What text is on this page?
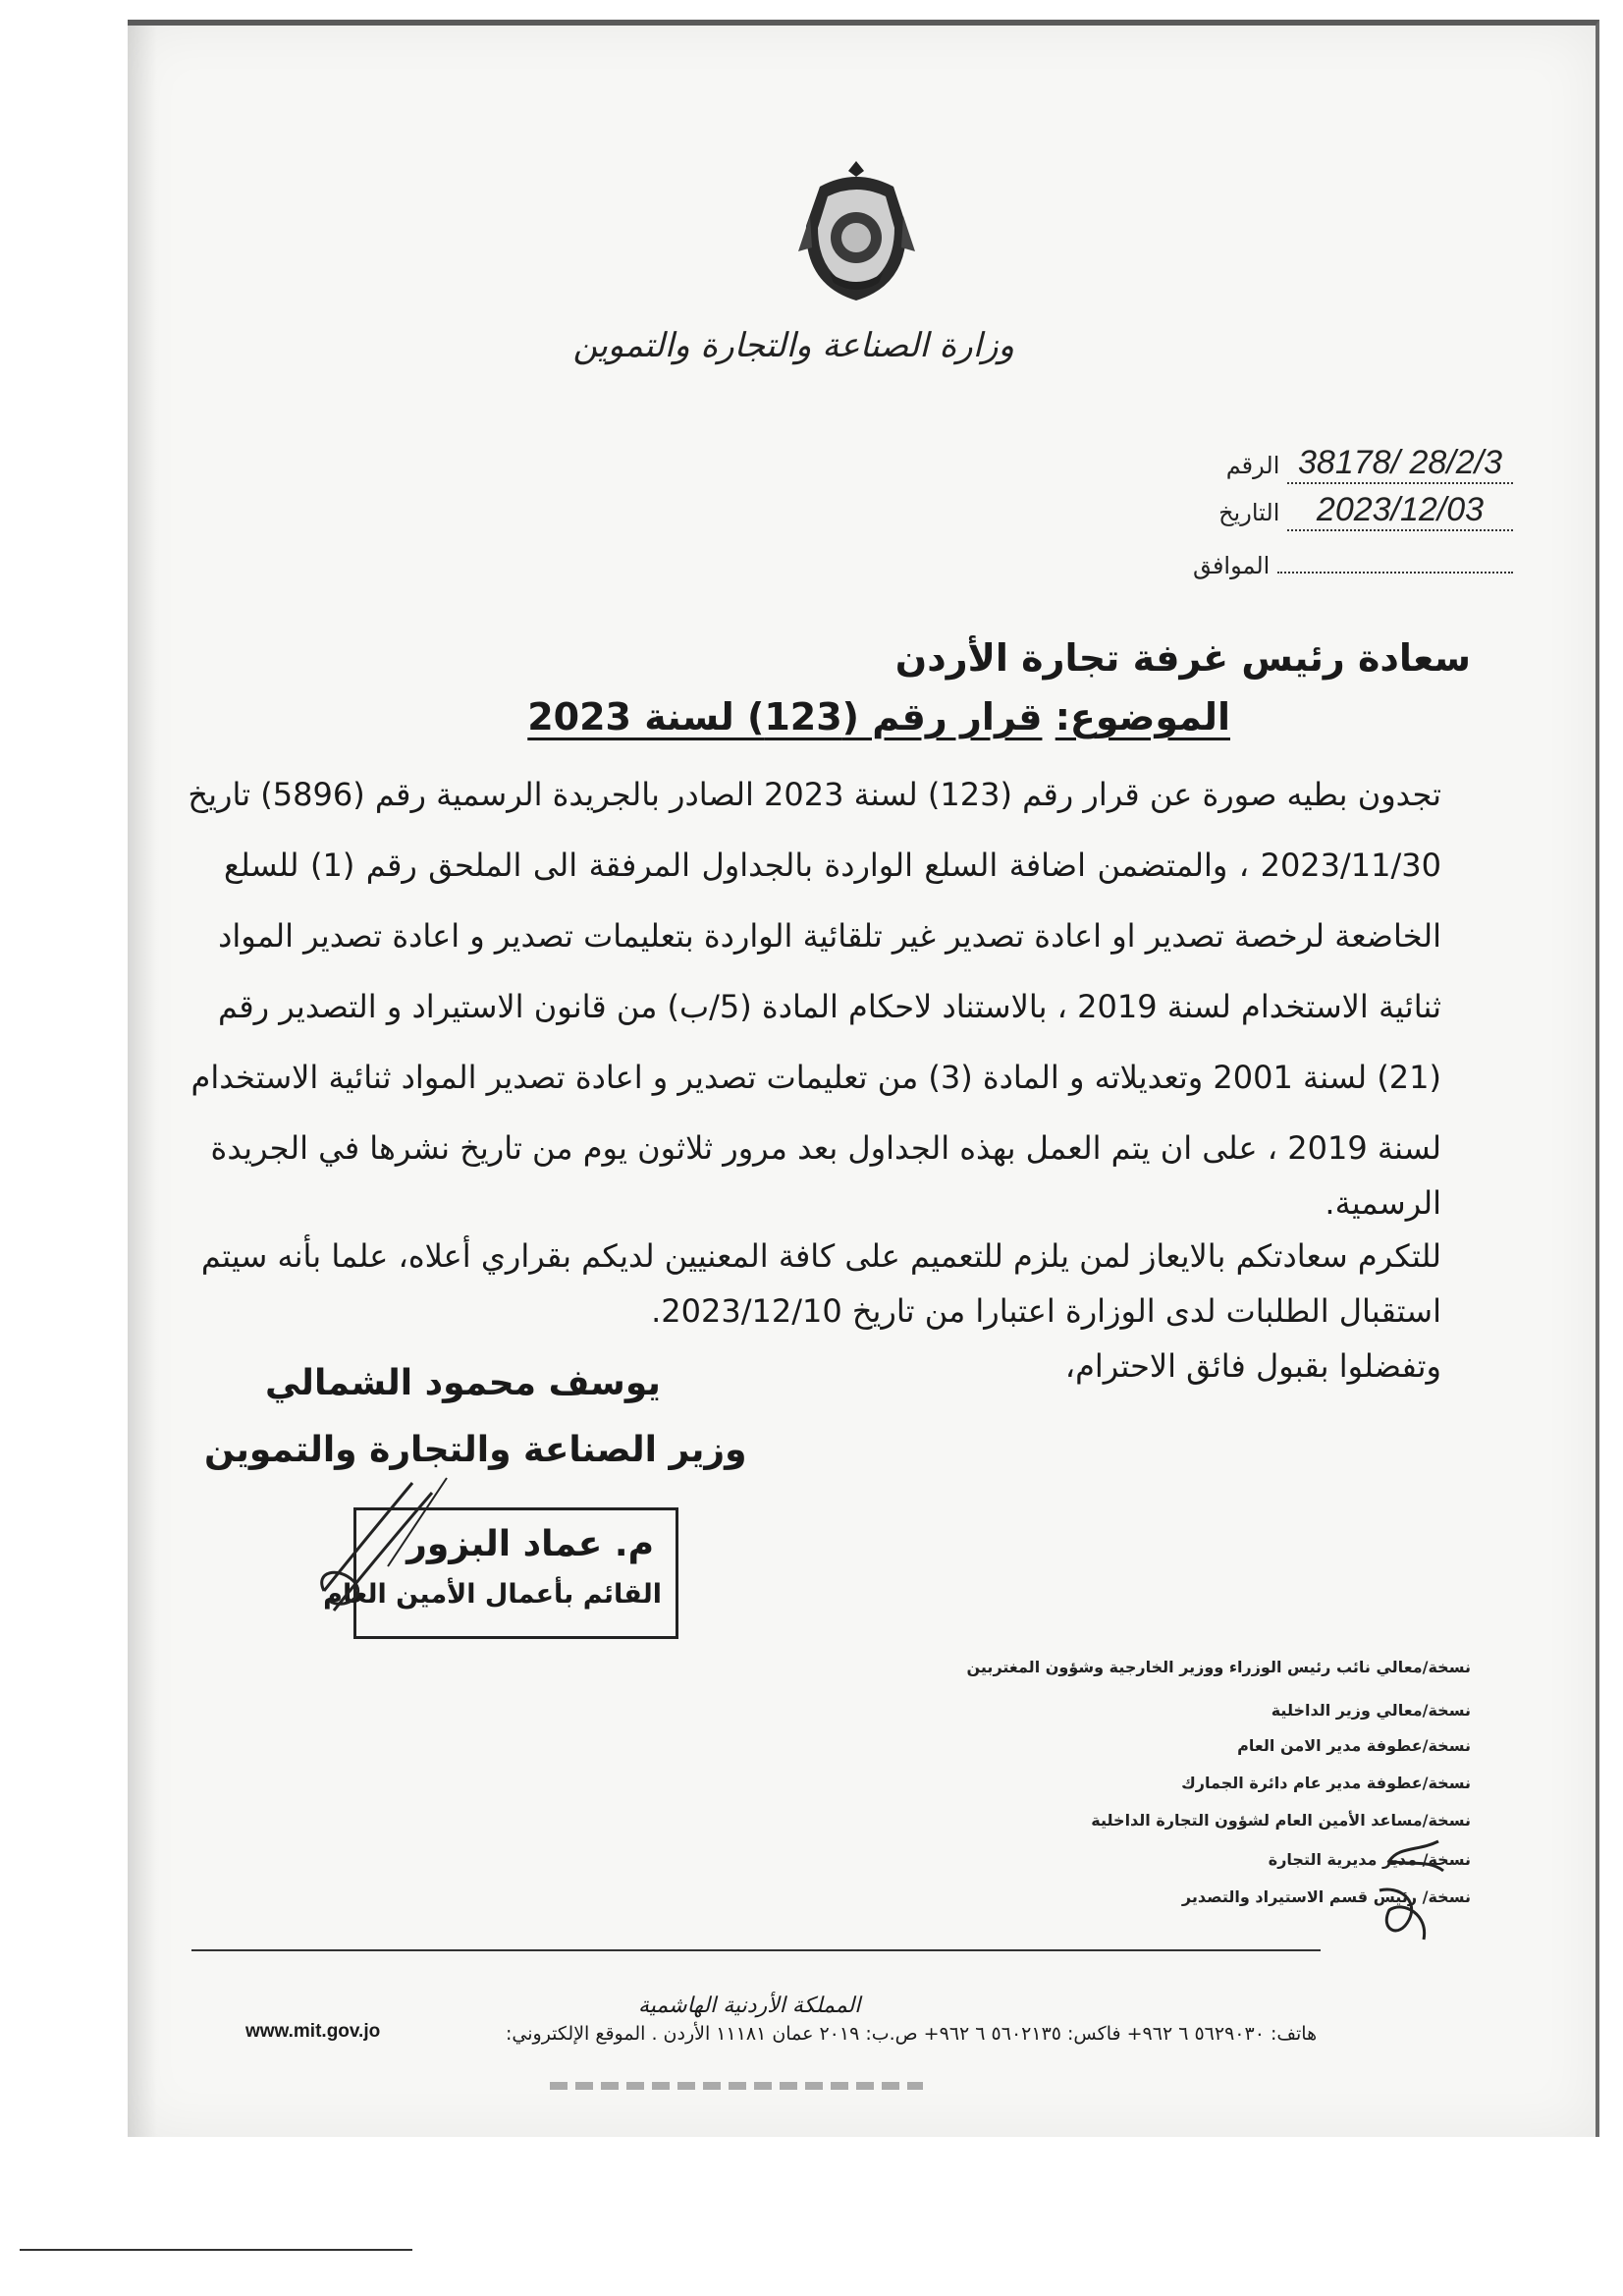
وزارة الصناعة والتجارة والتموين
38178/ 28/2/3 الرقم
2023/12/03 التاريخ
الموافق
سعادة رئيس غرفة تجارة الأردن
الموضوع: قرار رقم (123) لسنة 2023
تجدون بطيه صورة عن قرار رقم (123) لسنة 2023 الصادر بالجريدة الرسمية رقم (5896) تاريخ
2023/11/30 ، والمتضمن اضافة السلع الواردة بالجداول المرفقة الى الملحق رقم (1) للسلع
الخاضعة لرخصة تصدير او اعادة تصدير غير تلقائية الواردة بتعليمات تصدير و اعادة تصدير المواد
ثنائية الاستخدام لسنة 2019 ، بالاستناد لاحكام المادة (5/ب) من قانون الاستيراد و التصدير رقم
(21) لسنة 2001 وتعديلاته و المادة (3) من تعليمات تصدير و اعادة تصدير المواد ثنائية الاستخدام
لسنة 2019 ، على ان يتم العمل بهذه الجداول بعد مرور ثلاثون يوم من تاريخ نشرها في الجريدة
الرسمية.
للتكرم سعادتكم بالايعاز لمن يلزم للتعميم على كافة المعنيين لديكم بقراري أعلاه، علما بأنه سيتم
استقبال الطلبات لدى الوزارة اعتبارا من تاريخ 2023/12/10.
وتفضلوا بقبول فائق الاحترام،
يوسف محمود الشمالي
وزير الصناعة والتجارة والتموين
م. عماد البزور
القائم بأعمال الأمين العام
نسخة/معالي نائب رئيس الوزراء ووزير الخارجية وشؤون المغتربين
نسخة/معالي وزير الداخلية
نسخة/عطوفة مدير الامن العام
نسخة/عطوفة مدير عام دائرة الجمارك
نسخة/مساعد الأمين العام لشؤون التجارة الداخلية
نسخة/ مدير مديرية التجارة
نسخة/ رئيس قسم الاستيراد والتصدير
المملكة الأردنية الهاشمية
www.mit.gov.jo	هاتف: ٥٦٢٩٠٣٠ ٦ ٩٦٢+ فاكس: ٥٦٠٢١٣٥ ٦ ٩٦٢+ ص.ب: ٢٠١٩ عمان ١١١٨١ الأردن . الموقع الإلكتروني:
